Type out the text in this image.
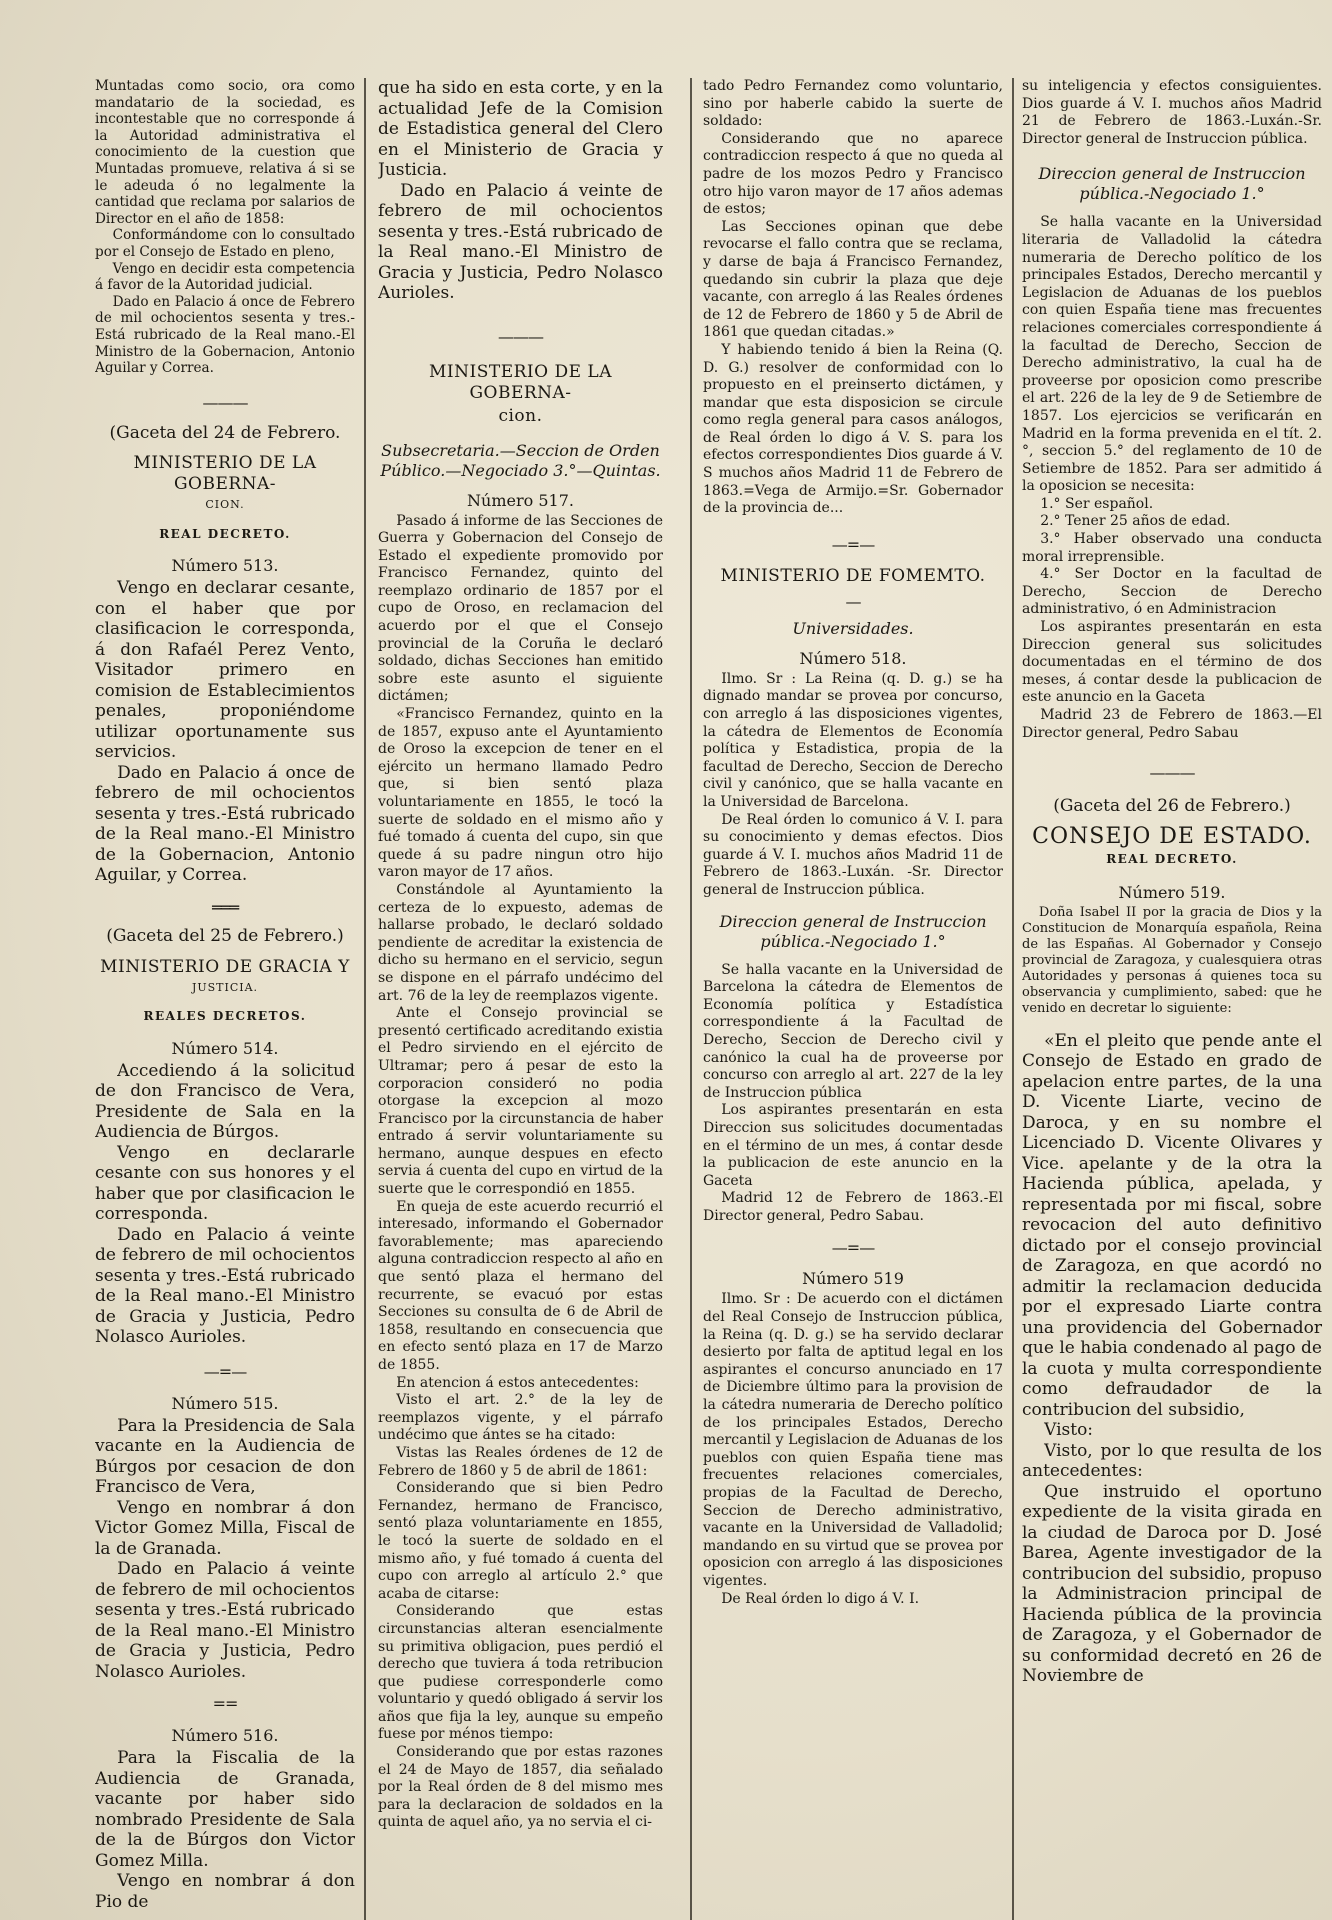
Muntadas como socio, ora como mandatario de la sociedad, es incontestable que no corresponde á la Autoridad administrativa el conocimiento de la cuestion que Muntadas promueve, relativa á si se le adeuda ó no legalmente la cantidad que reclama por salarios de Director en el año de 1858:

Conformándome con lo consultado por el Consejo de Estado en pleno,

Vengo en decidir esta competencia á favor de la Autoridad judicial.

Dado en Palacio á once de Febrero de mil ochocientos sesenta y tres.-Está rubricado de la Real mano.-El Ministro de la Gobernacion, Antonio Aguilar y Correa.

———
(Gaceta del 24 de Febrero.
MINISTERIO DE LA GOBERNA-
CION.
REAL DECRETO.
Número 513.

Vengo en declarar cesante, con el haber que por clasificacion le corresponda, á don Rafaél Perez Vento, Visitador primero en comision de Establecimientos penales, proponiéndome utilizar oportunamente sus servicios.

Dado en Palacio á once de febrero de mil ochocientos sesenta y tres.-Está rubricado de la Real mano.-El Ministro de la Gobernacion, Antonio Aguilar, y Correa.

═══
(Gaceta del 25 de Febrero.)
MINISTERIO DE GRACIA Y
JUSTICIA.
REALES DECRETOS.
Número 514.

Accediendo á la solicitud de don Francisco de Vera, Presidente de Sala en la Audiencia de Búrgos.

Vengo en declararle cesante con sus honores y el haber que por clasificacion le corresponda.

Dado en Palacio á veinte de febrero de mil ochocientos sesenta y tres.-Está rubricado de la Real mano.-El Ministro de Gracia y Justicia, Pedro Nolasco Aurioles.

—=—
Número 515.

Para la Presidencia de Sala vacante en la Audiencia de Búrgos por cesacion de don Francisco de Vera,

Vengo en nombrar á don Victor Gomez Milla, Fiscal de la de Granada.

Dado en Palacio á veinte de febrero de mil ochocientos sesenta y tres.-Está rubricado de la Real mano.-El Ministro de Gracia y Justicia, Pedro Nolasco Aurioles.

==
Número 516.

Para la Fiscalia de la Audiencia de Granada, vacante por haber sido nombrado Presidente de Sala de la de Búrgos don Victor Gomez Milla.

Vengo en nombrar á don Pio de

que ha sido en esta corte, y en la actualidad Jefe de la Comision de Estadistica general del Clero en el Ministerio de Gracia y Justicia.

Dado en Palacio á veinte de febrero de mil ochocientos sesenta y tres.-Está rubricado de la Real mano.-El Ministro de Gracia y Justicia, Pedro Nolasco Aurioles.

———
MINISTERIO DE LA GOBERNA-
cion.
Subsecretaria.—Seccion de Orden Público.—Negociado 3.°—Quintas.
Número 517.

Pasado á informe de las Secciones de Guerra y Gobernacion del Consejo de Estado el expediente promovido por Francisco Fernandez, quinto del reemplazo ordinario de 1857 por el cupo de Oroso, en reclamacion del acuerdo por el que el Consejo provincial de la Coruña le declaró soldado, dichas Secciones han emitido sobre este asunto el siguiente dictámen;

«Francisco Fernandez, quinto en la de 1857, expuso ante el Ayuntamiento de Oroso la excepcion de tener en el ejército un hermano llamado Pedro que, si bien sentó plaza voluntariamente en 1855, le tocó la suerte de soldado en el mismo año y fué tomado á cuenta del cupo, sin que quede á su padre ningun otro hijo varon mayor de 17 años.

Constándole al Ayuntamiento la certeza de lo expuesto, ademas de hallarse probado, le declaró soldado pendiente de acreditar la existencia de dicho su hermano en el servicio, segun se dispone en el párrafo undécimo del art. 76 de la ley de reemplazos vigente.

Ante el Consejo provincial se presentó certificado acreditando existia el Pedro sirviendo en el ejército de Ultramar; pero á pesar de esto la corporacion consideró no podia otorgase la excepcion al mozo Francisco por la circunstancia de haber entrado á servir voluntariamente su hermano, aunque despues en efecto servia á cuenta del cupo en virtud de la suerte que le correspondió en 1855.

En queja de este acuerdo recurrió el interesado, informando el Gobernador favorablemente; mas apareciendo alguna contradiccion respecto al año en que sentó plaza el hermano del recurrente, se evacuó por estas Secciones su consulta de 6 de Abril de 1858, resultando en consecuencia que en efecto sentó plaza en 17 de Marzo de 1855.

En atencion á estos antecedentes:

Visto el art. 2.° de la ley de reemplazos vigente, y el párrafo undécimo que ántes se ha citado:

Vistas las Reales órdenes de 12 de Febrero de 1860 y 5 de abril de 1861:

Considerando que si bien Pedro Fernandez, hermano de Francisco, sentó plaza voluntariamente en 1855, le tocó la suerte de soldado en el mismo año, y fué tomado á cuenta del cupo con arreglo al artículo 2.° que acaba de citarse:

Considerando que estas circunstancias alteran esencialmente su primitiva obligacion, pues perdió el derecho que tuviera á toda retribucion que pudiese corresponderle como voluntario y quedó obligado á servir los años que fija la ley, aunque su empeño fuese por ménos tiempo:

Considerando que por estas razones el 24 de Mayo de 1857, dia señalado por la Real órden de 8 del mismo mes para la declaracion de soldados en la quinta de aquel año, ya no servia el ci-

tado Pedro Fernandez como voluntario, sino por haberle cabido la suerte de soldado:

Considerando que no aparece contradiccion respecto á que no queda al padre de los mozos Pedro y Francisco otro hijo varon mayor de 17 años ademas de estos;

Las Secciones opinan que debe revocarse el fallo contra que se reclama, y darse de baja á Francisco Fernandez, quedando sin cubrir la plaza que deje vacante, con arreglo á las Reales órdenes de 12 de Febrero de 1860 y 5 de Abril de 1861 que quedan citadas.»

Y habiendo tenido á bien la Reina (Q. D. G.) resolver de conformidad con lo propuesto en el preinserto dictámen, y mandar que esta disposicion se circule como regla general para casos análogos, de Real órden lo digo á V. S. para los efectos correspondientes Dios guarde á V. S muchos años Madrid 11 de Febrero de 1863.=Vega de Armijo.=Sr. Gobernador de la provincia de...

—=—
MINISTERIO DE FOMEMTO.
—
Universidades.
Número 518.

Ilmo. Sr : La Reina (q. D. g.) se ha dignado mandar se provea por concurso, con arreglo á las disposiciones vigentes, la cátedra de Elementos de Economía política y Estadistica, propia de la facultad de Derecho, Seccion de Derecho civil y canónico, que se halla vacante en la Universidad de Barcelona.

De Real órden lo comunico á V. I. para su conocimiento y demas efectos. Dios guarde á V. I. muchos años Madrid 11 de Febrero de 1863.-Luxán. -Sr. Director general de Instruccion pública.

Direccion general de Instruccion pública.-Negociado 1.°

Se halla vacante en la Universidad de Barcelona la cátedra de Elementos de Economía política y Estadística correspondiente á la Facultad de Derecho, Seccion de Derecho civil y canónico la cual ha de proveerse por concurso con arreglo al art. 227 de la ley de Instruccion pública

Los aspirantes presentarán en esta Direccion sus solicitudes documentadas en el término de un mes, á contar desde la publicacion de este anuncio en la Gaceta

Madrid 12 de Febrero de 1863.-El Director general, Pedro Sabau.

—=—
Número 519

Ilmo. Sr : De acuerdo con el dictámen del Real Consejo de Instruccion pública, la Reina (q. D. g.) se ha servido declarar desierto por falta de aptitud legal en los aspirantes el concurso anunciado en 17 de Diciembre último para la provision de la cátedra numeraria de Derecho político de los principales Estados, Derecho mercantil y Legislacion de Aduanas de los pueblos con quien España tiene mas frecuentes relaciones comerciales, propias de la Facultad de Derecho, Seccion de Derecho administrativo, vacante en la Universidad de Valladolid; mandando en su virtud que se provea por oposicion con arreglo á las disposiciones vigentes.

De Real órden lo digo á V. I.

su inteligencia y efectos consiguientes. Dios guarde á V. I. muchos años Madrid 21 de Febrero de 1863.-Luxán.-Sr. Director general de Instruccion pública.

Direccion general de Instruccion pública.-Negociado 1.°

Se halla vacante en la Universidad literaria de Valladolid la cátedra numeraria de Derecho político de los principales Estados, Derecho mercantil y Legislacion de Aduanas de los pueblos con quien España tiene mas frecuentes relaciones comerciales correspondiente á la facultad de Derecho, Seccion de Derecho administrativo, la cual ha de proveerse por oposicion como prescribe el art. 226 de la ley de 9 de Setiembre de 1857. Los ejercicios se verificarán en Madrid en la forma prevenida en el tít. 2.°, seccion 5.° del reglamento de 10 de Setiembre de 1852. Para ser admitido á la oposicion se necesita:

1.° Ser español.

2.° Tener 25 años de edad.

3.° Haber observado una conducta moral irreprensible.

4.° Ser Doctor en la facultad de Derecho, Seccion de Derecho administrativo, ó en Administracion

Los aspirantes presentarán en esta Direccion general sus solicitudes documentadas en el término de dos meses, á contar desde la publicacion de este anuncio en la Gaceta

Madrid 23 de Febrero de 1863.—El Director general, Pedro Sabau

———
(Gaceta del 26 de Febrero.)
CONSEJO DE ESTADO.
REAL DECRETO.
Número 519.

Doña Isabel II por la gracia de Dios y la Constitucion de Monarquía española, Reina de las Españas. Al Gobernador y Consejo provincial de Zaragoza, y cualesquiera otras Autoridades y personas á quienes toca su observancia y cumplimiento, sabed: que he venido en decretar lo siguiente:

«En el pleito que pende ante el Consejo de Estado en grado de apelacion entre partes, de la una D. Vicente Liarte, vecino de Daroca, y en su nombre el Licenciado D. Vicente Olivares y Vice. apelante y de la otra la Hacienda pública, apelada, y representada por mi fiscal, sobre revocacion del auto definitivo dictado por el consejo provincial de Zaragoza, en que acordó no admitir la reclamacion deducida por el expresado Liarte contra una providencia del Gobernador que le habia condenado al pago de la cuota y multa correspondiente como defraudador de la contribucion del subsidio,

Visto:

Visto, por lo que resulta de los antecedentes:

Que instruido el oportuno expediente de la visita girada en la ciudad de Daroca por D. José Barea, Agente investigador de la contribucion del subsidio, propuso la Administracion principal de Hacienda pública de la provincia de Zaragoza, y el Gobernador de su conformidad decretó en 26 de Noviembre de
